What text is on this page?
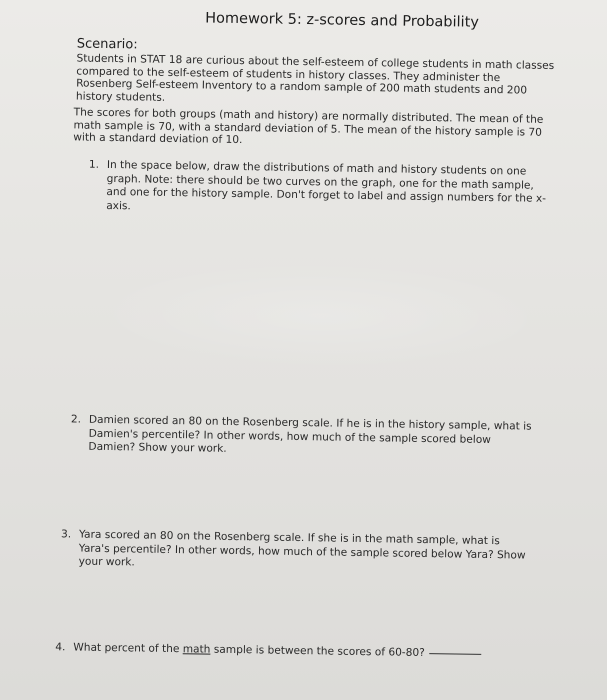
Homework 5: z-scores and Probability
Scenario:
Students in STAT 18 are curious about the self-esteem of college students in math classes compared to the self-esteem of students in history classes. They administer the Rosenberg Self-esteem Inventory to a random sample of 200 math students and 200 history students.
The scores for both groups (math and history) are normally distributed. The mean of the math sample is 70, with a standard deviation of 5. The mean of the history sample is 70 with a standard deviation of 10.
1. In the space below, draw the distributions of math and history students on one graph. Note: there should be two curves on the graph, one for the math sample, and one for the history sample. Don't forget to label and assign numbers for the x-axis.
2. Damien scored an 80 on the Rosenberg scale. If he is in the history sample, what is Damien's percentile? In other words, how much of the sample scored below Damien? Show your work.
3. Yara scored an 80 on the Rosenberg scale. If she is in the math sample, what is Yara's percentile? In other words, how much of the sample scored below Yara? Show your work.
4. What percent of the math sample is between the scores of 60-80?
